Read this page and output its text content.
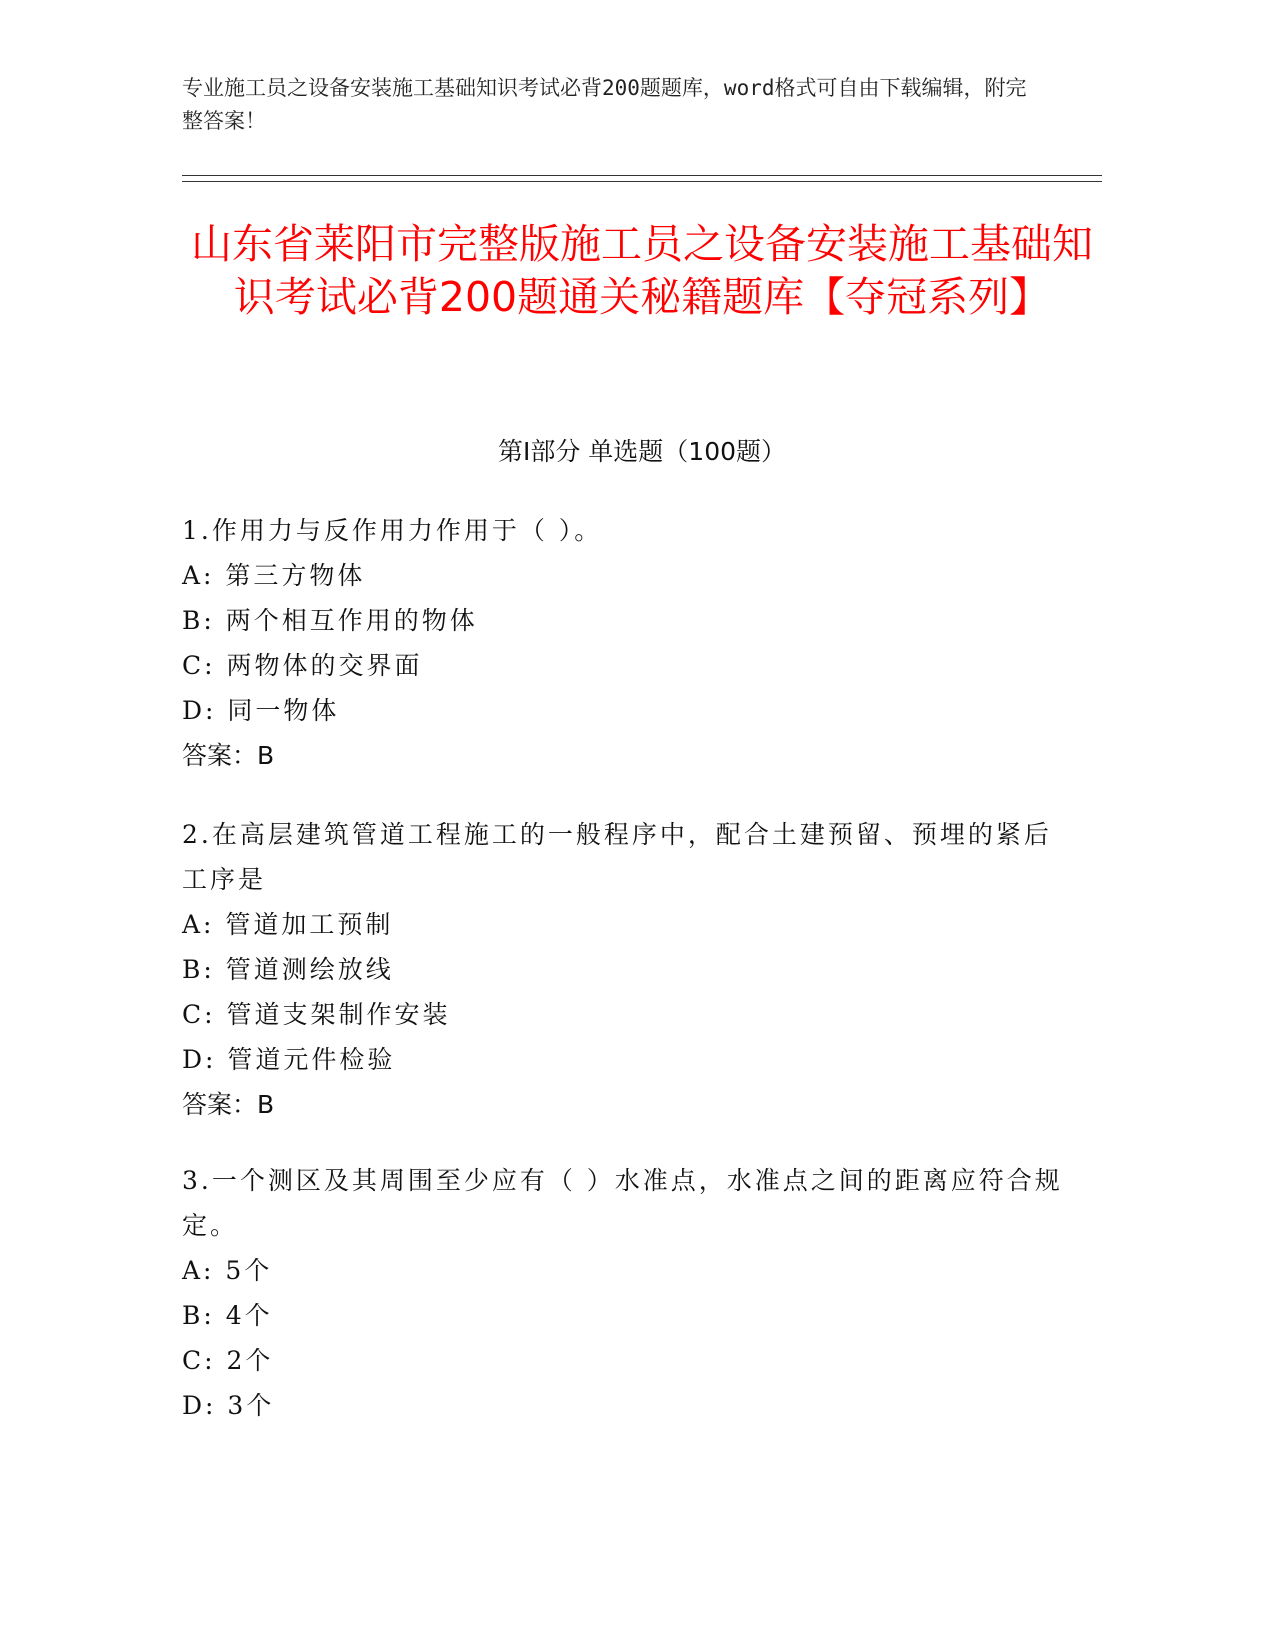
专业施工员之设备安装施工基础知识考试必背200题题库，word格式可自由下载编辑，附完整答案！
山东省莱阳市完整版施工员之设备安装施工基础知识考试必背200题通关秘籍题库【夺冠系列】
第I部分 单选题（100题）
1.作用力与反作用力作用于（ ）。
A: 第三方物体
B: 两个相互作用的物体
C: 两物体的交界面
D: 同一物体
答案：B
2.在高层建筑管道工程施工的一般程序中，配合土建预留、预埋的紧后工序是
A: 管道加工预制
B: 管道测绘放线
C: 管道支架制作安装
D: 管道元件检验
答案：B
3.一个测区及其周围至少应有（ ）水准点，水准点之间的距离应符合规定。
A: 5个
B: 4个
C: 2个
D: 3个
